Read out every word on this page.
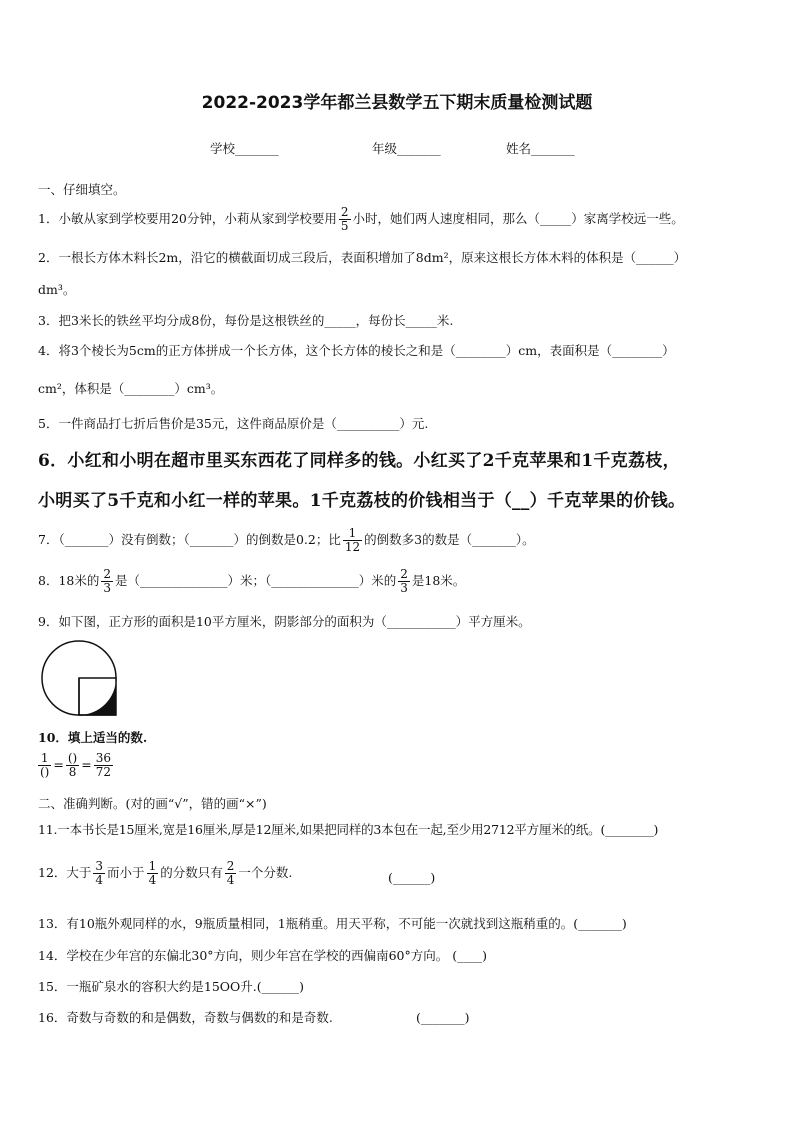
2022-2023学年都兰县数学五下期末质量检测试题
学校_______	年级_______	姓名_______
一、仔细填空。
1．小敏从家到学校要用20分钟，小莉从家到学校要用 $\frac{2}{5}$ 小时，她们两人速度相同，那么（_____）家离学校远一些。
2．一根长方体木料长2m，沿它的横截面切成三段后，表面积增加了8dm²，原来这根长方体木料的体积是（______）
dm³。
3．把3米长的铁丝平均分成8份，每份是这根铁丝的_____，每份长_____米.
4．将3个棱长为5cm的正方体拼成一个长方体，这个长方体的棱长之和是（________）cm，表面积是（________）
cm²，体积是（________）cm³。
5．一件商品打七折后售价是35元，这件商品原价是（__________）元.
6．小红和小明在超市里买东西花了同样多的钱。小红买了2千克苹果和1千克荔枝，
小明买了5千克和小红一样的苹果。1千克荔枝的价钱相当于（__）千克苹果的价钱。
7．（_______）没有倒数；（_______）的倒数是0.2；比 $\frac{1}{12}$ 的倒数多3的数是（_______）。
8．18米的 $\frac{2}{3}$ 是（______________）米；（______________）米的 $\frac{2}{3}$ 是18米。
9．如下图，正方形的面积是10平方厘米，阴影部分的面积为（___________）平方厘米。
10．填上适当的数.
$\frac{1}{()} = \frac{()}{8} = \frac{36}{72}$
二、准确判断。(对的画“√”，错的画“×”)
11.一本书长是15厘米,宽是16厘米,厚是12厘米,如果把同样的3本包在一起,至少用2712平方厘米的纸。(________)
12．大于 $\frac{3}{4}$ 而小于 $\frac{1}{4}$ 的分数只有 $\frac{2}{4}$ 一个分数.	(______)
13．有10瓶外观同样的水，9瓶质量相同，1瓶稍重。用天平称，不可能一次就找到这瓶稍重的。(_______)
14．学校在少年宫的东偏北30°方向，则少年宫在学校的西偏南60°方向。 (____)
15．一瓶矿泉水的容积大约是15OO升.(______)
16．奇数与奇数的和是偶数，奇数与偶数的和是奇数.	(_______)
